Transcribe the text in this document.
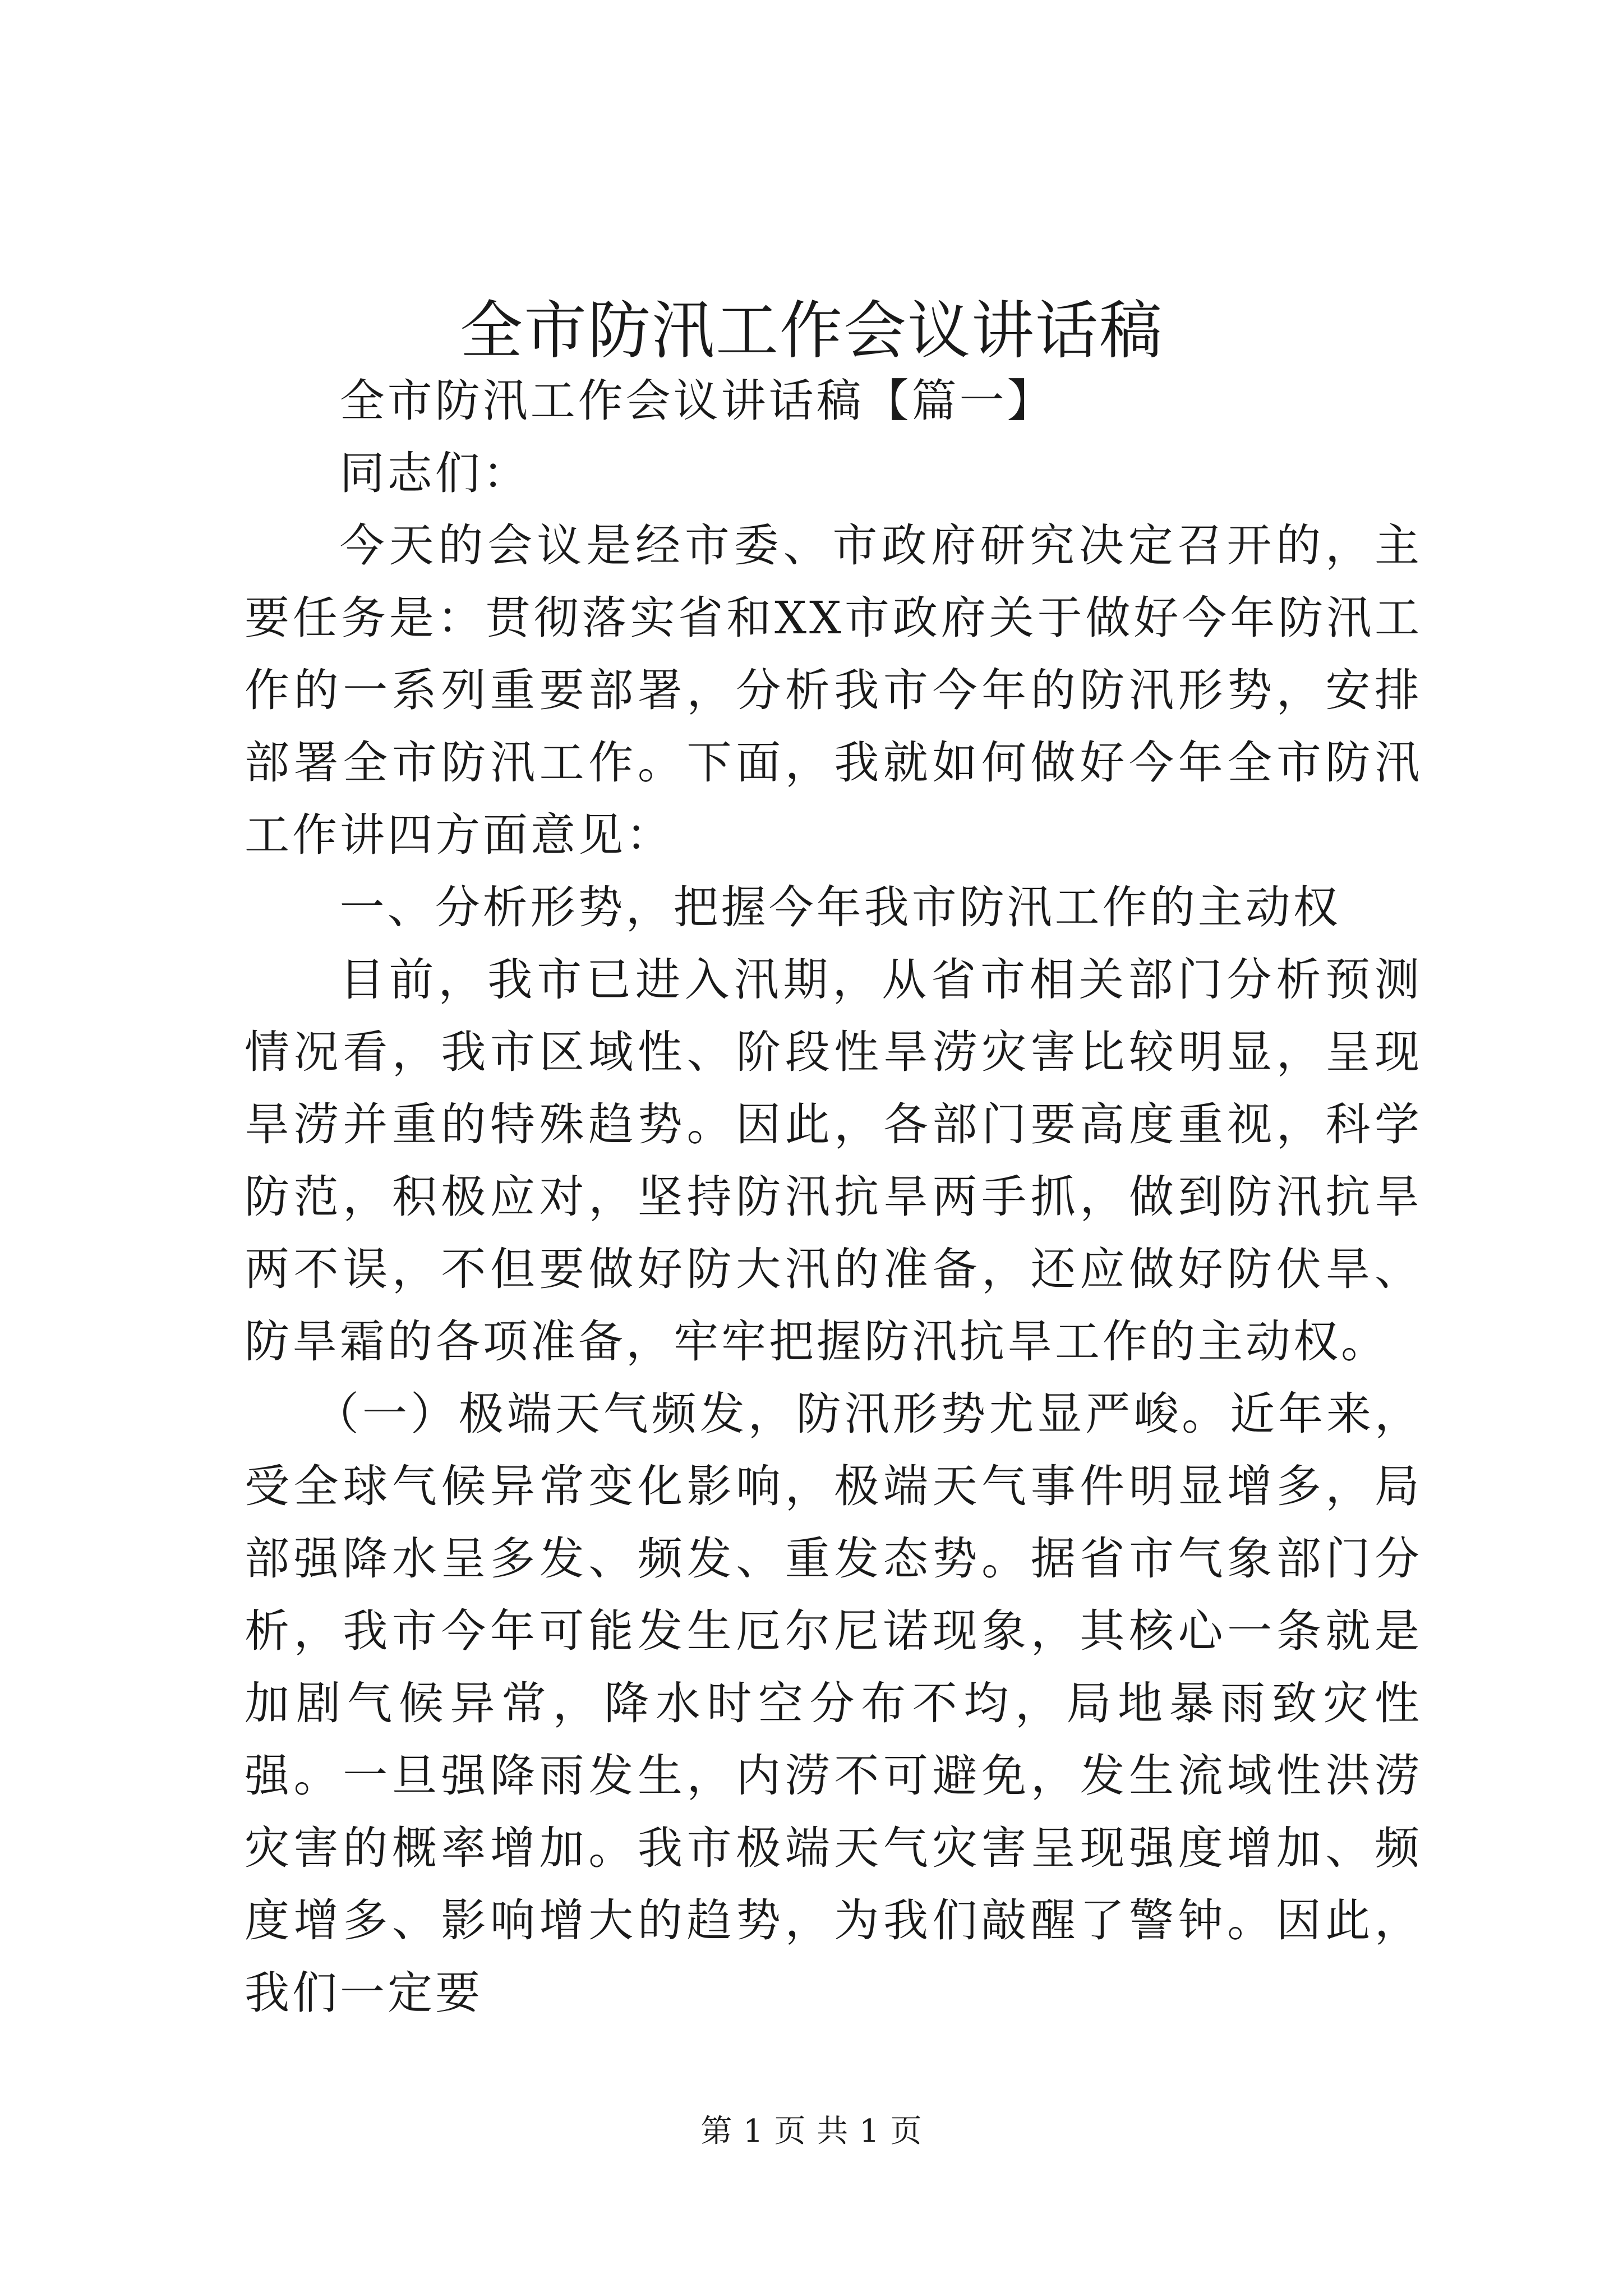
全市防汛工作会议讲话稿

全市防汛工作会议讲话稿【篇一】

同志们：

今天的会议是经市委、市政府研究决定召开的，主要任务是：贯彻落实省和XX市政府关于做好今年防汛工作的一系列重要部署，分析我市今年的防汛形势，安排部署全市防汛工作。下面，我就如何做好今年全市防汛工作讲四方面意见：

一、分析形势，把握今年我市防汛工作的主动权

目前，我市已进入汛期，从省市相关部门分析预测情况看，我市区域性、阶段性旱涝灾害比较明显，呈现旱涝并重的特殊趋势。因此，各部门要高度重视，科学防范，积极应对，坚持防汛抗旱两手抓，做到防汛抗旱两不误，不但要做好防大汛的准备，还应做好防伏旱、防旱霜的各项准备，牢牢把握防汛抗旱工作的主动权。

（一）极端天气频发，防汛形势尤显严峻。近年来，受全球气候异常变化影响，极端天气事件明显增多，局部强降水呈多发、频发、重发态势。据省市气象部门分析，我市今年可能发生厄尔尼诺现象，其核心一条就是加剧气候异常，降水时空分布不均，局地暴雨致灾性强。一旦强降雨发生，内涝不可避免，发生流域性洪涝灾害的概率增加。我市极端天气灾害呈现强度增加、频度增多、影响增大的趋势，为我们敲醒了警钟。因此，我们一定要

第 1 页 共 1 页
